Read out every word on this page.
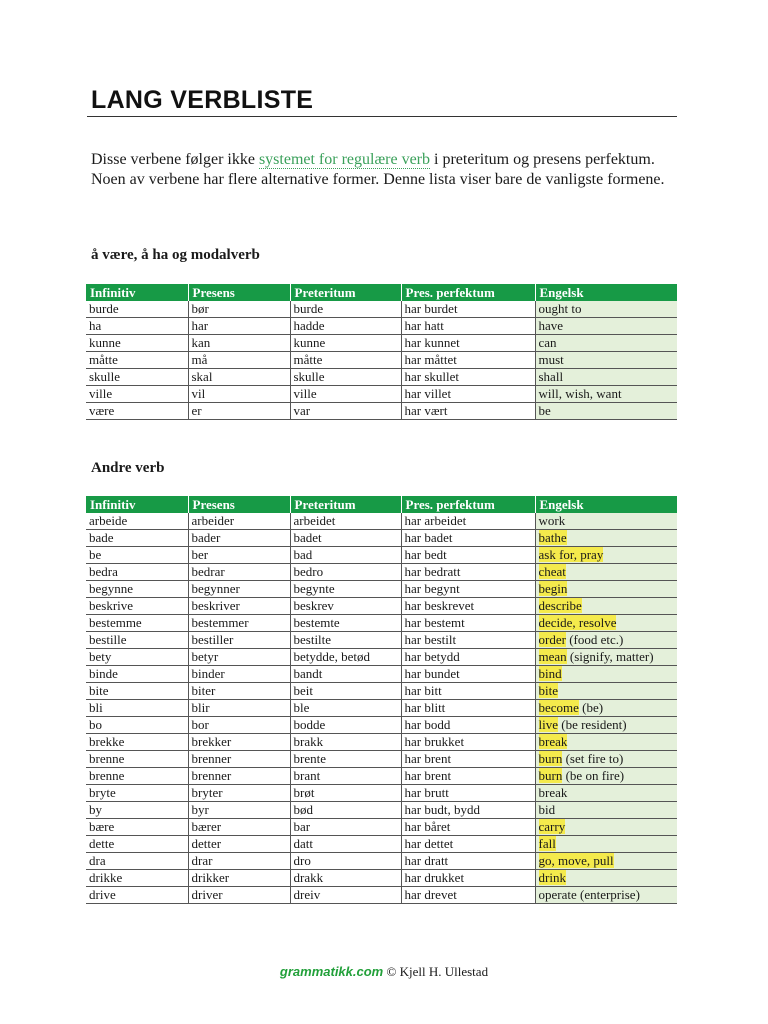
LANG VERBLISTE

Disse verbene følger ikke systemet for regulære verb i preteritum og presens perfektum. Noen av verbene har flere alternative former. Denne lista viser bare de vanligste formene.

å være, å ha og modalverb
Infinitiv	Presens	Preteritum	Pres. perfektum	Engelsk
burde	bør	burde	har burdet	ought to
ha	har	hadde	har hatt	have
kunne	kan	kunne	har kunnet	can
måtte	må	måtte	har måttet	must
skulle	skal	skulle	har skullet	shall
ville	vil	ville	har villet	will, wish, want
være	er	var	har vært	be
Andre verb
Infinitiv	Presens	Preteritum	Pres. perfektum	Engelsk
arbeide	arbeider	arbeidet	har arbeidet	work
bade	bader	badet	har badet	bathe
be	ber	bad	har bedt	ask for, pray
bedra	bedrar	bedro	har bedratt	cheat
begynne	begynner	begynte	har begynt	begin
beskrive	beskriver	beskrev	har beskrevet	describe
bestemme	bestemmer	bestemte	har bestemt	decide, resolve
bestille	bestiller	bestilte	har bestilt	order (food etc.)
bety	betyr	betydde, betød	har betydd	mean (signify, matter)
binde	binder	bandt	har bundet	bind
bite	biter	beit	har bitt	bite
bli	blir	ble	har blitt	become (be)
bo	bor	bodde	har bodd	live (be resident)
brekke	brekker	brakk	har brukket	break
brenne	brenner	brente	har brent	burn (set fire to)
brenne	brenner	brant	har brent	burn (be on fire)
bryte	bryter	brøt	har brutt	break
by	byr	bød	har budt, bydd	bid
bære	bærer	bar	har båret	carry
dette	detter	datt	har dettet	fall
dra	drar	dro	har dratt	go, move, pull
drikke	drikker	drakk	har drukket	drink
drive	driver	dreiv	har drevet	operate (enterprise)
grammatikk.com © Kjell H. Ullestad
